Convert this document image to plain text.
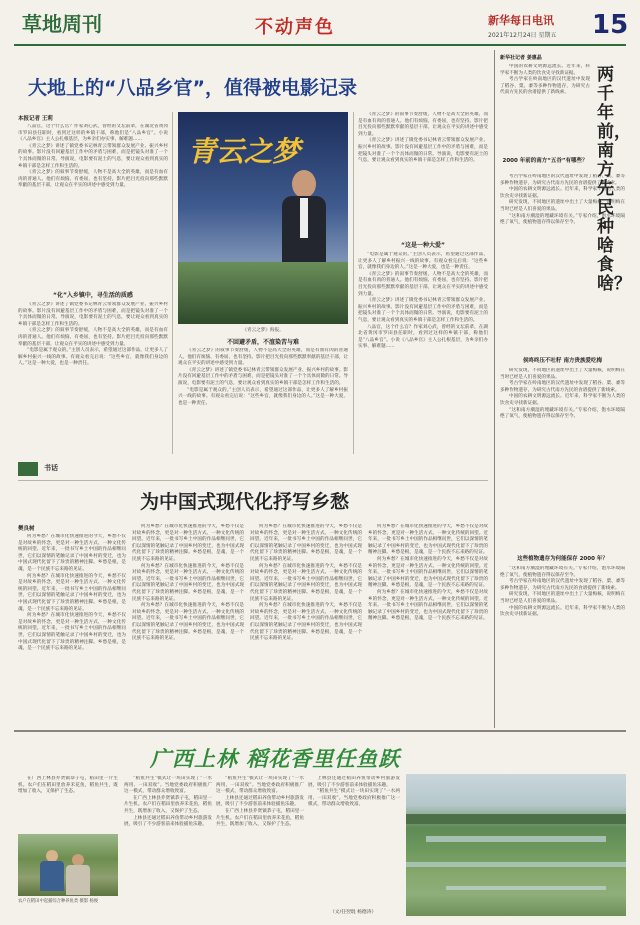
草地周刊	不动声色	新华每日电讯 15
2021年12月24日 星期五
大地上的“八品乡官”，值得被电影记录
本报记者 王莉

八品官，这个什么官？作家刘心武，曾经的文坛前辈，在湖北省黄冈市罗田县任职时，看到过这样的乡镇干部，称他们是“八品乡官”。小说《八品乡官》主人公扎根基层，为乡亲们办实事、解难题……

《青云之梦》讲述了镇党委书记林青云带领群众发展产业、振兴乡村的故事。影片没有回避基层工作中的矛盾与困难，而是把镜头对准了一个个具体而微的日常。导演说，电影要有泥土的气息，要让观众看到真实的乡镇干部是怎样工作和生活的。

《青云之梦》的叙事节奏舒缓，人物不是高大全的英雄，而是有血有肉的普通人。他们有烦恼、有委屈，也有坚持。影片把目光投向那些默默奉献的基层干部，让观众在平实的讲述中感受到力量。

“化”入乡镇中，寻生活的质感

《青云之梦》讲述了镇党委书记林青云带领群众发展产业、振兴乡村的故事。影片没有回避基层工作中的矛盾与困难，而是把镜头对准了一个个具体而微的日常。导演说，电影要有泥土的气息，要让观众看到真实的乡镇干部是怎样工作和生活的。

《青云之梦》的叙事节奏舒缓，人物不是高大全的英雄，而是有血有肉的普通人。他们有烦恼、有委屈，也有坚持。影片把目光投向那些默默奉献的基层干部，让观众在平实的讲述中感受到力量。

“电影是属于观众的。”主创人员表示，希望通过这部作品，让更多人了解乡村振兴一线的故事。有观众看完后说：“这些乡官，就像我们身边的人。”这是一种大爱，也是一种责任。

青云之梦
《青云之梦》海报。
不回避矛盾，不渲染苦与难

《青云之梦》的叙事节奏舒缓，人物不是高大全的英雄，而是有血有肉的普通人。他们有烦恼、有委屈，也有坚持。影片把目光投向那些默默奉献的基层干部，让观众在平实的讲述中感受到力量。

《青云之梦》讲述了镇党委书记林青云带领群众发展产业、振兴乡村的故事。影片没有回避基层工作中的矛盾与困难，而是把镜头对准了一个个具体而微的日常。导演说，电影要有泥土的气息，要让观众看到真实的乡镇干部是怎样工作和生活的。

“电影是属于观众的。”主创人员表示，希望通过这部作品，让更多人了解乡村振兴一线的故事。有观众看完后说：“这些乡官，就像我们身边的人。”这是一种大爱，也是一种责任。

《青云之梦》的叙事节奏舒缓，人物不是高大全的英雄，而是有血有肉的普通人。他们有烦恼、有委屈，也有坚持。影片把目光投向那些默默奉献的基层干部，让观众在平实的讲述中感受到力量。

《青云之梦》讲述了镇党委书记林青云带领群众发展产业、振兴乡村的故事。影片没有回避基层工作中的矛盾与困难，而是把镜头对准了一个个具体而微的日常。导演说，电影要有泥土的气息，要让观众看到真实的乡镇干部是怎样工作和生活的。

“这是一种大爱”

“电影是属于观众的。”主创人员表示，希望通过这部作品，让更多人了解乡村振兴一线的故事。有观众看完后说：“这些乡官，就像我们身边的人。”这是一种大爱，也是一种责任。

《青云之梦》的叙事节奏舒缓，人物不是高大全的英雄，而是有血有肉的普通人。他们有烦恼、有委屈，也有坚持。影片把目光投向那些默默奉献的基层干部，让观众在平实的讲述中感受到力量。

《青云之梦》讲述了镇党委书记林青云带领群众发展产业、振兴乡村的故事。影片没有回避基层工作中的矛盾与困难，而是把镜头对准了一个个具体而微的日常。导演说，电影要有泥土的气息，要让观众看到真实的乡镇干部是怎样工作和生活的。

八品官，这个什么官？作家刘心武，曾经的文坛前辈，在湖北省黄冈市罗田县任职时，看到过这样的乡镇干部，称他们是“八品乡官”。小说《八品乡官》主人公扎根基层，为乡亲们办实事、解难题……

书话
为中国式现代化抒写乡愁
樊良树

何为乡愁？在城市化快速推进的今天，乡愁不仅是对故乡的怀念，更是对一种生活方式、一种文化传统的回望。近年来，一批书写乡土中国的作品相继问世，它们以深情的笔触记录了中国乡村的变迁，也为中国式现代化留下了珍贵的精神注脚。乡愁是根，是魂，是一个民族不忘来路的见证。

何为乡愁？在城市化快速推进的今天，乡愁不仅是对故乡的怀念，更是对一种生活方式、一种文化传统的回望。近年来，一批书写乡土中国的作品相继问世，它们以深情的笔触记录了中国乡村的变迁，也为中国式现代化留下了珍贵的精神注脚。乡愁是根，是魂，是一个民族不忘来路的见证。

何为乡愁？在城市化快速推进的今天，乡愁不仅是对故乡的怀念，更是对一种生活方式、一种文化传统的回望。近年来，一批书写乡土中国的作品相继问世，它们以深情的笔触记录了中国乡村的变迁，也为中国式现代化留下了珍贵的精神注脚。乡愁是根，是魂，是一个民族不忘来路的见证。

何为乡愁？在城市化快速推进的今天，乡愁不仅是对故乡的怀念，更是对一种生活方式、一种文化传统的回望。近年来，一批书写乡土中国的作品相继问世，它们以深情的笔触记录了中国乡村的变迁，也为中国式现代化留下了珍贵的精神注脚。乡愁是根，是魂，是一个民族不忘来路的见证。

何为乡愁？在城市化快速推进的今天，乡愁不仅是对故乡的怀念，更是对一种生活方式、一种文化传统的回望。近年来，一批书写乡土中国的作品相继问世，它们以深情的笔触记录了中国乡村的变迁，也为中国式现代化留下了珍贵的精神注脚。乡愁是根，是魂，是一个民族不忘来路的见证。

何为乡愁？在城市化快速推进的今天，乡愁不仅是对故乡的怀念，更是对一种生活方式、一种文化传统的回望。近年来，一批书写乡土中国的作品相继问世，它们以深情的笔触记录了中国乡村的变迁，也为中国式现代化留下了珍贵的精神注脚。乡愁是根，是魂，是一个民族不忘来路的见证。

何为乡愁？在城市化快速推进的今天，乡愁不仅是对故乡的怀念，更是对一种生活方式、一种文化传统的回望。近年来，一批书写乡土中国的作品相继问世，它们以深情的笔触记录了中国乡村的变迁，也为中国式现代化留下了珍贵的精神注脚。乡愁是根，是魂，是一个民族不忘来路的见证。

何为乡愁？在城市化快速推进的今天，乡愁不仅是对故乡的怀念，更是对一种生活方式、一种文化传统的回望。近年来，一批书写乡土中国的作品相继问世，它们以深情的笔触记录了中国乡村的变迁，也为中国式现代化留下了珍贵的精神注脚。乡愁是根，是魂，是一个民族不忘来路的见证。

何为乡愁？在城市化快速推进的今天，乡愁不仅是对故乡的怀念，更是对一种生活方式、一种文化传统的回望。近年来，一批书写乡土中国的作品相继问世，它们以深情的笔触记录了中国乡村的变迁，也为中国式现代化留下了珍贵的精神注脚。乡愁是根，是魂，是一个民族不忘来路的见证。

何为乡愁？在城市化快速推进的今天，乡愁不仅是对故乡的怀念，更是对一种生活方式、一种文化传统的回望。近年来，一批书写乡土中国的作品相继问世，它们以深情的笔触记录了中国乡村的变迁，也为中国式现代化留下了珍贵的精神注脚。乡愁是根，是魂，是一个民族不忘来路的见证。

何为乡愁？在城市化快速推进的今天，乡愁不仅是对故乡的怀念，更是对一种生活方式、一种文化传统的回望。近年来，一批书写乡土中国的作品相继问世，它们以深情的笔触记录了中国乡村的变迁，也为中国式现代化留下了珍贵的精神注脚。乡愁是根，是魂，是一个民族不忘来路的见证。

何为乡愁？在城市化快速推进的今天，乡愁不仅是对故乡的怀念，更是对一种生活方式、一种文化传统的回望。近年来，一批书写乡土中国的作品相继问世，它们以深情的笔触记录了中国乡村的变迁，也为中国式现代化留下了珍贵的精神注脚。乡愁是根，是魂，是一个民族不忘来路的见证。

新华社记者 姜惠晶

中国的农耕文明源远流长。近年来，科学家不断为人类的饮食史寻找新证据。

考古学家在岭南地区的汉代遗址中发现了稻谷、粟、黍等多种作物遗存，为研究古代南方先民的食谱提供了新线索。

两千年前，南方先民种啥食啥？
2000 年前的南方“五谷”有哪些？

考古学家在岭南地区的汉代遗址中发现了稻谷、粟、黍等多种作物遗存，为研究古代南方先民的食谱提供了新线索。

中国的农耕文明源远流长。近年来，科学家不断为人类的饮食史寻找新证据。

研究发现，不同地区的遗址中出土了大量梅核，说明梅在当时已经是人们喜爱的果品。

“这和南方潮湿的埋藏环境有关。”专家介绍，饱水环境隔绝了氧气，使植物遗存得以保存至今。

侯咚咚压不吐籽 南方贵族爱吃梅

研究发现，不同地区的遗址中出土了大量梅核，说明梅在当时已经是人们喜爱的果品。

考古学家在岭南地区的汉代遗址中发现了稻谷、粟、黍等多种作物遗存，为研究古代南方先民的食谱提供了新线索。

中国的农耕文明源远流长。近年来，科学家不断为人类的饮食史寻找新证据。

“这和南方潮湿的埋藏环境有关。”专家介绍，饱水环境隔绝了氧气，使植物遗存得以保存至今。

这些植物遗存为何能保存 2000 年？

“这和南方潮湿的埋藏环境有关。”专家介绍，饱水环境隔绝了氧气，使植物遗存得以保存至今。

考古学家在岭南地区的汉代遗址中发现了稻谷、粟、黍等多种作物遗存，为研究古代南方先民的食谱提供了新线索。

研究发现，不同地区的遗址中出土了大量梅核，说明梅在当时已经是人们喜爱的果品。

中国的农耕文明源远流长。近年来，科学家不断为人类的饮食史寻找新证据。

广西上林 稻花香里任鱼跃

在广西上林县乔贤镇恭子屯，稻田里一片生机。农户们在稻田里放养禾花鱼，稻鱼共生，既增加了收入，又保护了生态。

农户在稻田中起捕综合种养鱼类 摄影 杨俊

“稻鱼共生”模式让一块田实现了“一水两用、一田双收”。当地党委政府积极推广这一模式，带动群众增收致富。

在广西上林县乔贤镇恭子屯，稻田里一片生机。农户们在稻田里放养禾花鱼，稻鱼共生，既增加了收入，又保护了生态。

上林县还通过稻田养鱼带动乡村旅游发展，吸引了不少游客前来体验捕鱼乐趣。

“稻鱼共生”模式让一块田实现了“一水两用、一田双收”。当地党委政府积极推广这一模式，带动群众增收致富。

上林县还通过稻田养鱼带动乡村旅游发展，吸引了不少游客前来体验捕鱼乐趣。

在广西上林县乔贤镇恭子屯，稻田里一片生机。农户们在稻田里放养禾花鱼，稻鱼共生，既增加了收入，又保护了生态。

上林县还通过稻田养鱼带动乡村旅游发展，吸引了不少游客前来体验捕鱼乐趣。

“稻鱼共生”模式让一块田实现了“一水两用、一田双收”。当地党委政府积极推广这一模式，带动群众增收致富。

（文/任翌琨 杨德涛）
